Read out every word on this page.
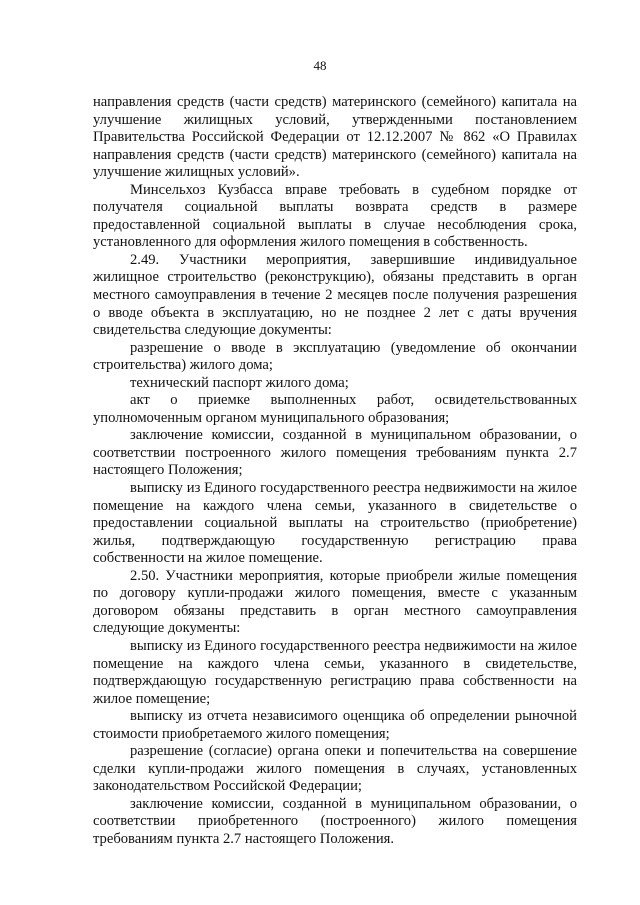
48

направления средств (части средств) материнского (семейного) капитала на улучшение жилищных условий, утвержденными постановлением Правительства Российской Федерации от 12.12.2007 № 862 «О Правилах направления средств (части средств) материнского (семейного) капитала на улучшение жилищных условий».

Минсельхоз Кузбасса вправе требовать в судебном порядке от получателя социальной выплаты возврата средств в размере предоставленной социальной выплаты в случае несоблюдения срока, установленного для оформления жилого помещения в собственность.

2.49. Участники мероприятия, завершившие индивидуальное жилищное строительство (реконструкцию), обязаны представить в орган местного самоуправления в течение 2 месяцев после получения разрешения о вводе объекта в эксплуатацию, но не позднее 2 лет с даты вручения свидетельства следующие документы:

разрешение о вводе в эксплуатацию (уведомление об окончании строительства) жилого дома;

технический паспорт жилого дома;

акт о приемке выполненных работ, освидетельствованных уполномоченным органом муниципального образования;

заключение комиссии, созданной в муниципальном образовании, о соответствии построенного жилого помещения требованиям пункта 2.7 настоящего Положения;

выписку из Единого государственного реестра недвижимости на жилое помещение на каждого члена семьи, указанного в свидетельстве о предоставлении социальной выплаты на строительство (приобретение) жилья, подтверждающую государственную регистрацию права собственности на жилое помещение.

2.50. Участники мероприятия, которые приобрели жилые помещения по договору купли-продажи жилого помещения, вместе с указанным договором обязаны представить в орган местного самоуправления следующие документы:

выписку из Единого государственного реестра недвижимости на жилое помещение на каждого члена семьи, указанного в свидетельстве, подтверждающую государственную регистрацию права собственности на жилое помещение;

выписку из отчета независимого оценщика об определении рыночной стоимости приобретаемого жилого помещения;

разрешение (согласие) органа опеки и попечительства на совершение сделки купли-продажи жилого помещения в случаях, установленных законодательством Российской Федерации;

заключение комиссии, созданной в муниципальном образовании, о соответствии приобретенного (построенного) жилого помещения требованиям пункта 2.7 настоящего Положения.
